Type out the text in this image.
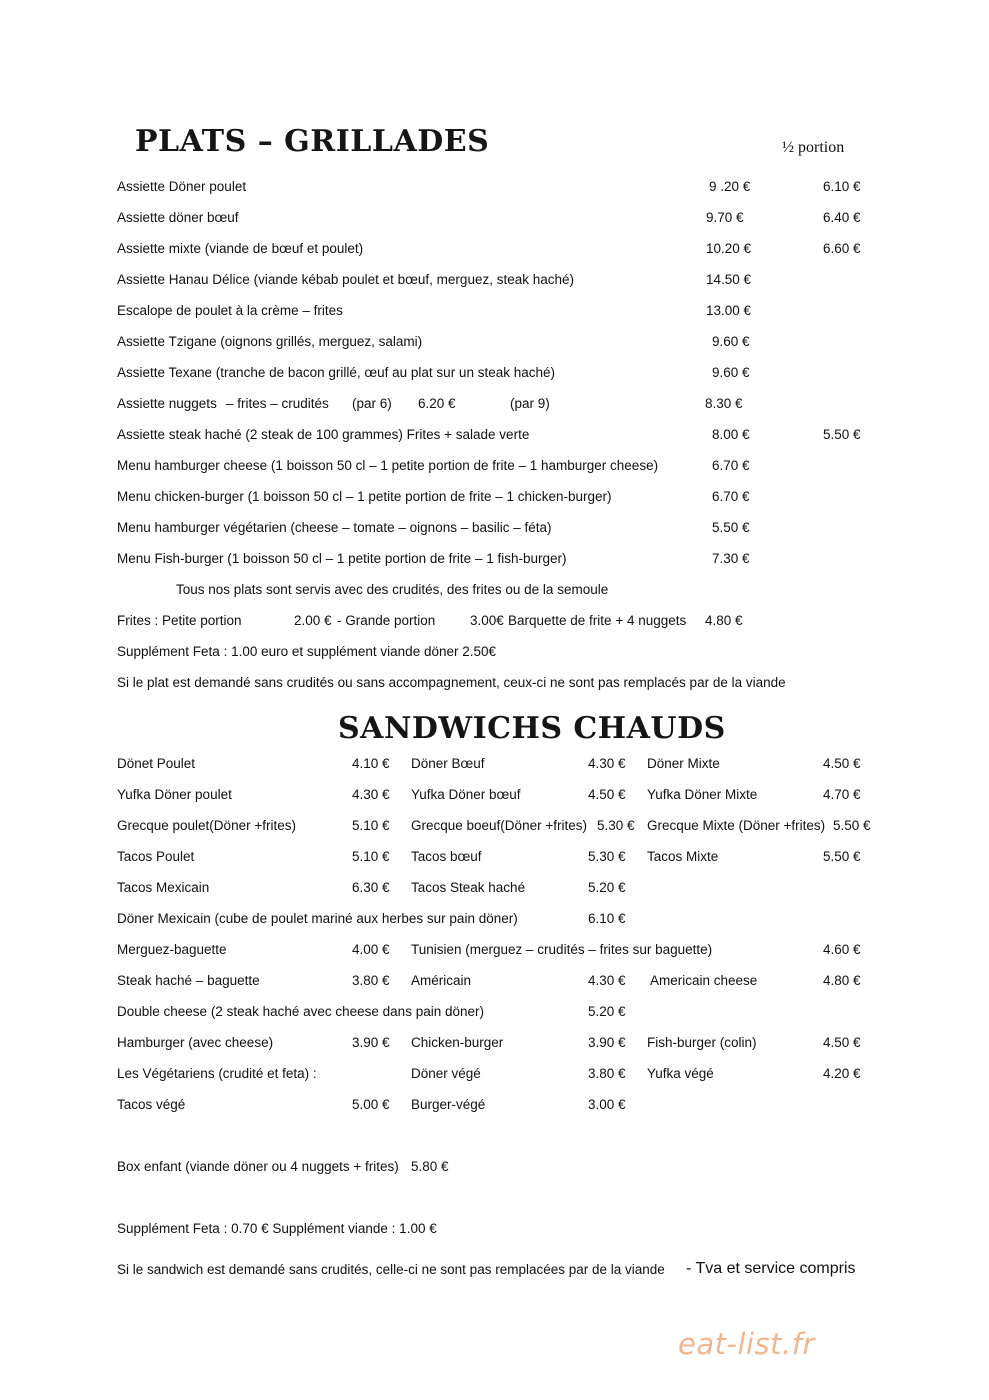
PLATS – GRILLADES	½ portion
Assiette Döner poulet	9 .20 €	6.10 €
Assiette döner bœuf	9.70 €	6.40 €
Assiette mixte (viande de bœuf et poulet)	10.20 €	6.60 €
Assiette Hanau Délice (viande kébab poulet et bœuf, merguez, steak haché)	14.50 €
Escalope de poulet à la crème – frites	13.00 €
Assiette Tzigane (oignons grillés, merguez, salami)	9.60 €
Assiette Texane (tranche de bacon grillé, œuf au plat sur un steak haché)	9.60 €
Assiette nuggets – frites – crudités (par 6) 6.20 €	(par 9)	8.30 €
Assiette steak haché (2 steak de 100 grammes) Frites + salade verte	8.00 €	5.50 €
Menu hamburger cheese (1 boisson 50 cl – 1 petite portion de frite – 1 hamburger cheese)	6.70 €
Menu chicken-burger (1 boisson 50 cl – 1 petite portion de frite – 1 chicken-burger)	6.70 €
Menu hamburger végétarien (cheese – tomate – oignons – basilic – féta)	5.50 €
Menu Fish-burger (1 boisson 50 cl – 1 petite portion de frite – 1 fish-burger)	7.30 €
Tous nos plats sont servis avec des crudités, des frites ou de la semoule
Frites : Petite portion	2.00 € - Grande portion	3.00€ Barquette de frite + 4 nuggets 4.80 €
Supplément Feta : 1.00 euro et supplément viande döner 2.50€
Si le plat est demandé sans crudités ou sans accompagnement, ceux-ci ne sont pas remplacés par de la viande
SANDWICHS CHAUDS
Dönet Poulet	4.10 € Döner Bœuf	4.30 € Döner Mixte	4.50 €
Yufka Döner poulet	4.30 € Yufka Döner bœuf	4.50 € Yufka Döner Mixte	4.70 €
Grecque poulet(Döner +frites)	5.10 € Grecque boeuf(Döner +frites) 5.30 € Grecque Mixte (Döner +frites) 5.50 €
Tacos Poulet	5.10 € Tacos bœuf	5.30 € Tacos Mixte	5.50 €
Tacos Mexicain	6.30 € Tacos Steak haché	5.20 €
Döner Mexicain (cube de poulet mariné aux herbes sur pain döner)	6.10 €
Merguez-baguette	4.00 € Tunisien (merguez – crudités – frites sur baguette)	4.60 €
Steak haché – baguette	3.80 € Américain	4.30 € Americain cheese	4.80 €
Double cheese (2 steak haché avec cheese dans pain döner)	5.20 €
Hamburger (avec cheese)	3.90 € Chicken-burger	3.90 € Fish-burger (colin)	4.50 €
Les Végétariens (crudité et feta) :	Döner végé	3.80 € Yufka végé	4.20 €
Tacos végé	5.00 € Burger-végé	3.00 €
Box enfant (viande döner ou 4 nuggets + frites) 5.80 €
Supplément Feta : 0.70 € Supplément viande : 1.00 €
Si le sandwich est demandé sans crudités, celle-ci ne sont pas remplacées par de la viande - Tva et service compris
eat-list.fr
